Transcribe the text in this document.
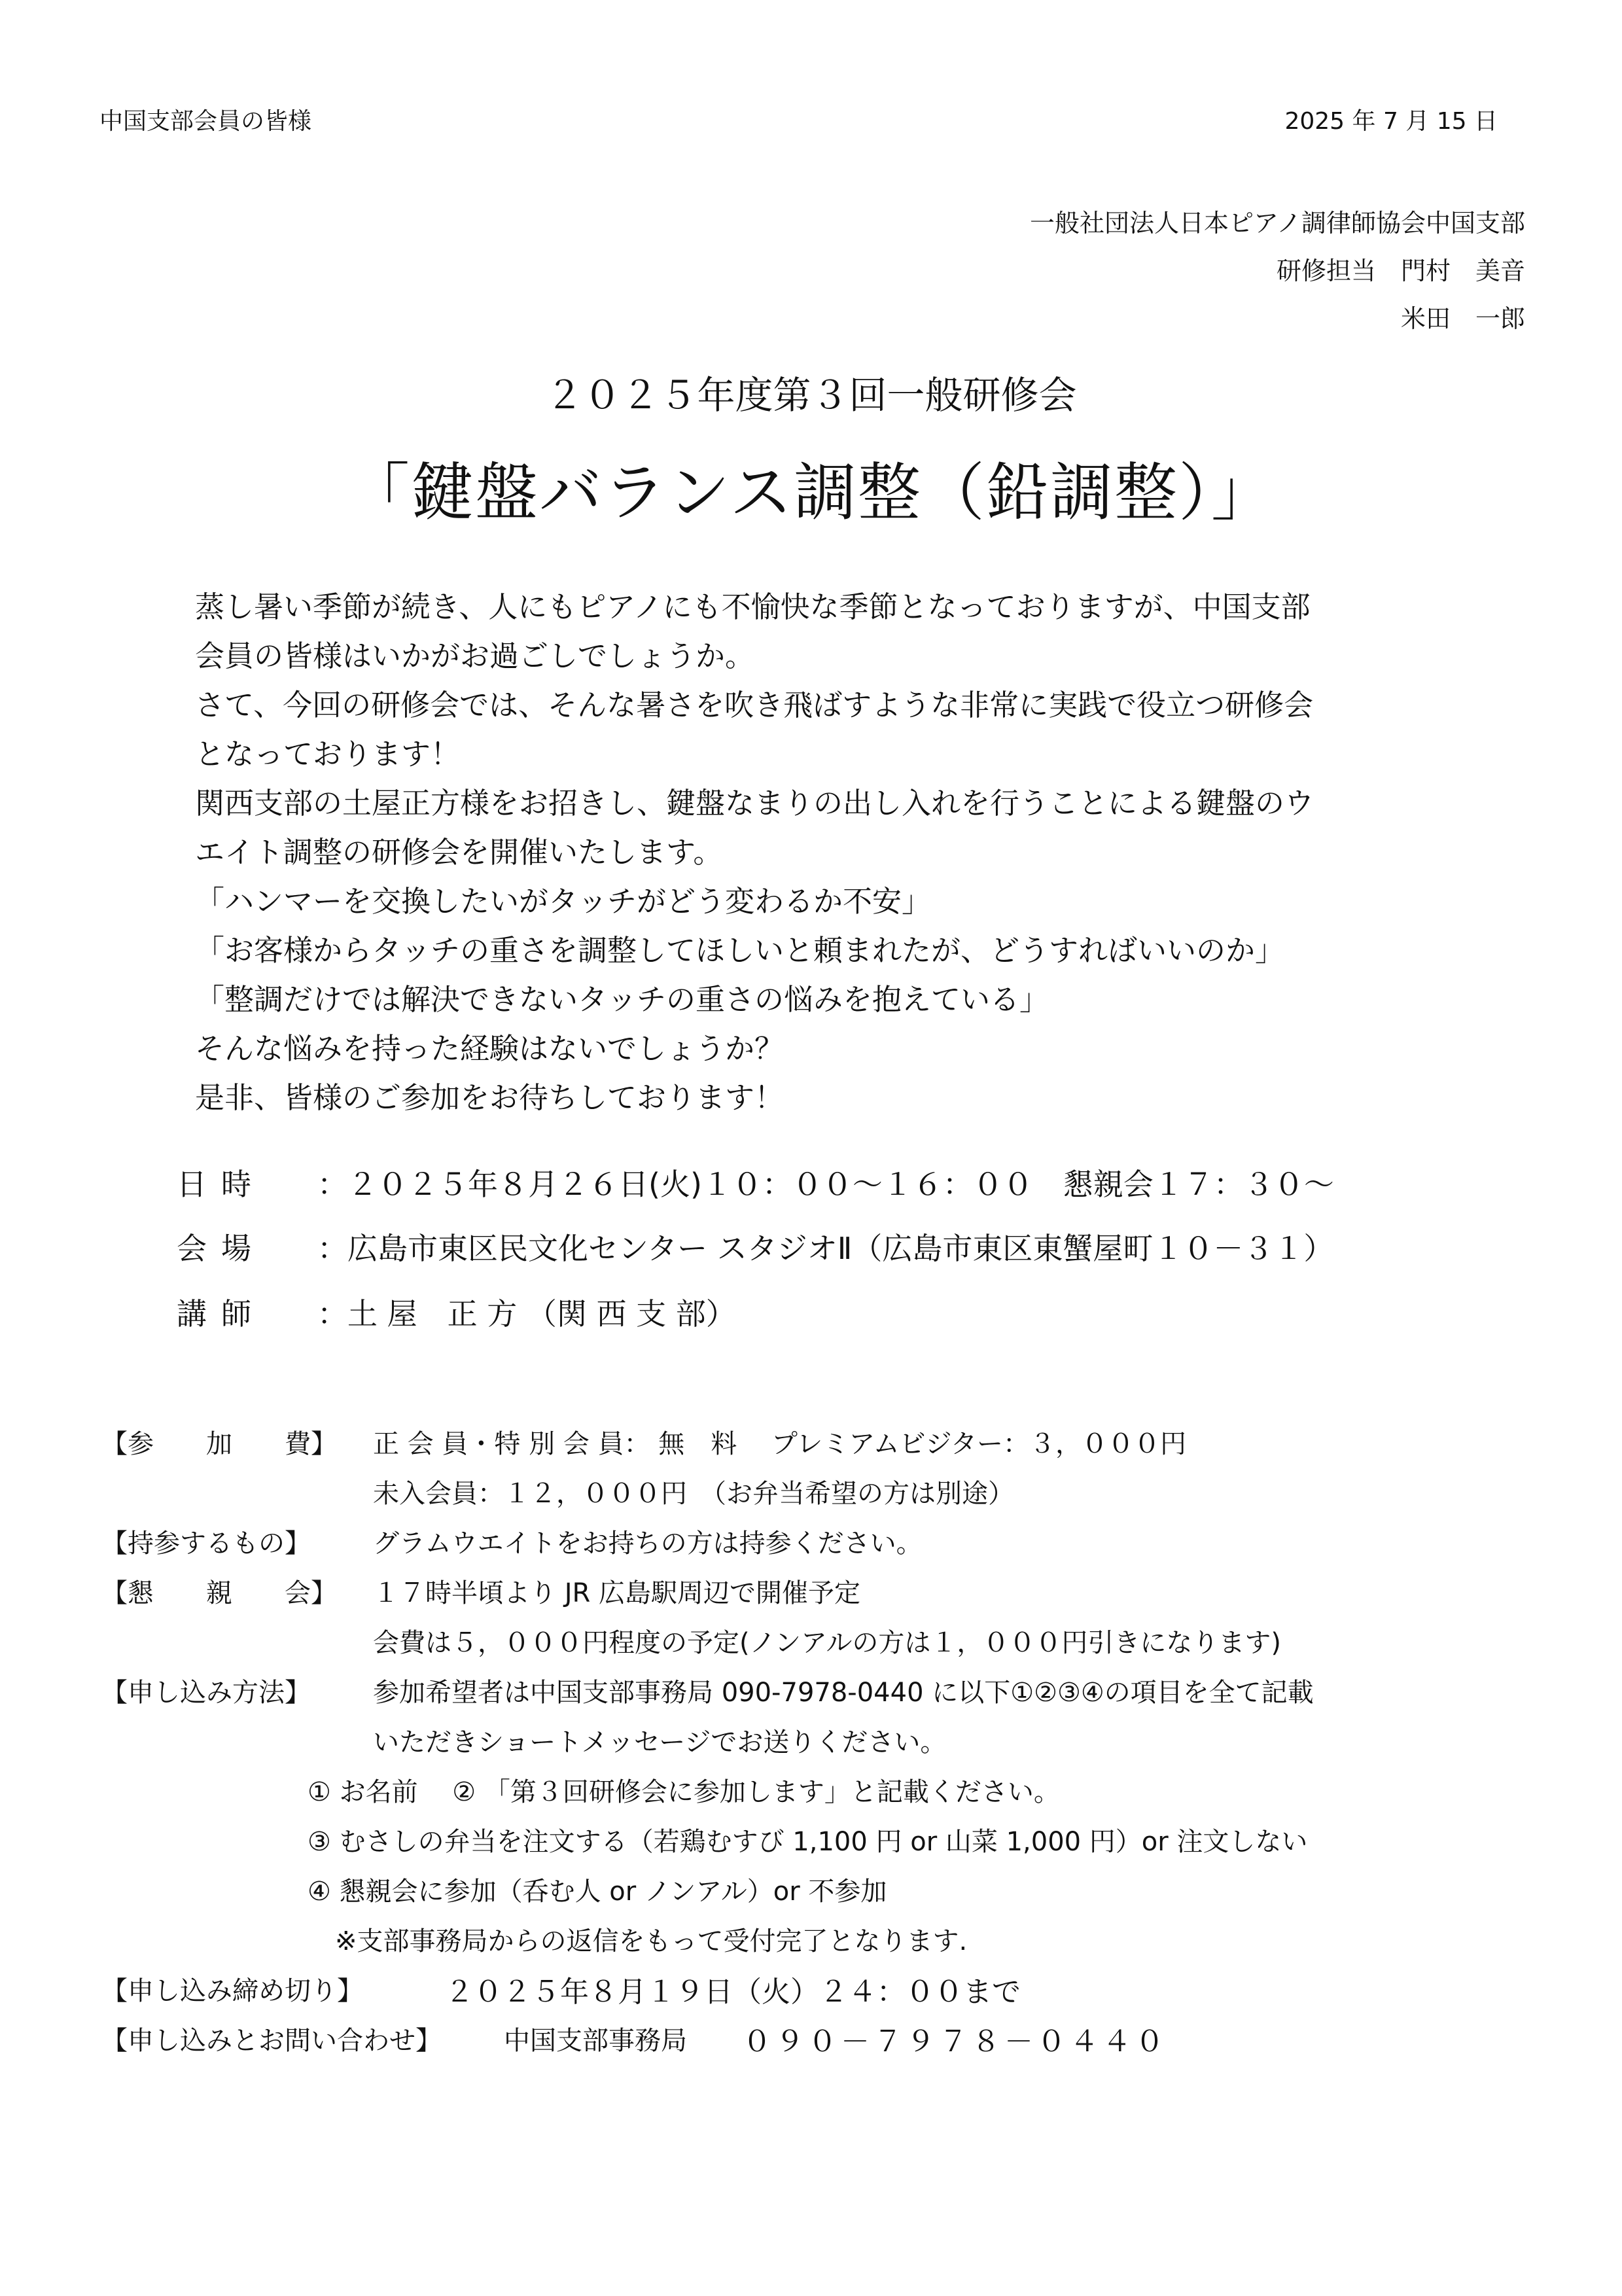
中国支部会員の皆様	2025 年 7 月 15 日
一般社団法人日本ピアノ調律師協会中国支部
研修担当　門村　美音
米田　一郎
２０２５年度第３回一般研修会
「鍵盤バランス調整（鉛調整）」
蒸し暑い季節が続き、人にもピアノにも不愉快な季節となっておりますが、中国支部
会員の皆様はいかがお過ごしでしょうか。
さて、今回の研修会では、そんな暑さを吹き飛ばすような非常に実践で役立つ研修会
となっております！
関西支部の土屋正方様をお招きし、鍵盤なまりの出し入れを行うことによる鍵盤のウ
エイト調整の研修会を開催いたします。
「ハンマーを交換したいがタッチがどう変わるか不安」
「お客様からタッチの重さを調整してほしいと頼まれたが、どうすればいいのか」
「整調だけでは解決できないタッチの重さの悩みを抱えている」
そんな悩みを持った経験はないでしょうか？
是非、皆様のご参加をお待ちしております！
日時 ：２０２５年８月２６日(火)１０：００～１６：００　懇親会１７：３０～
会場 ：広島市東区民文化センター スタジオⅡ（広島市東区東蟹屋町１０－３１）
講師 ：土 屋　正 方 （関 西 支 部）
【参　　加　　費】 正 会 員・特 別 会 員： 無　料　 プレミアムビジター：３，０００円
未入会員：１２，０００円　（お弁当希望の方は別途）
【持参するもの】 グラムウエイトをお持ちの方は持参ください。
【懇　　親　　会】 １７時半頃より JR 広島駅周辺で開催予定
会費は５，０００円程度の予定(ノンアルの方は１，０００円引きになります)
【申し込み方法】 参加希望者は中国支部事務局 090-7978-0440 に以下①②③④の項目を全て記載
いただきショートメッセージでお送りください。
① お名前　 ② 「第３回研修会に参加します」と記載ください。
③ むさしの弁当を注文する（若鶏むすび 1,100 円 or 山菜 1,000 円）or 注文しない
④ 懇親会に参加（呑む人 or ノンアル）or 不参加
※支部事務局からの返信をもって受付完了となります.
【申し込み締め切り】	２０２５年８月１９日（火）２４：００まで
【申し込みとお問い合わせ】 中国支部事務局 ０９０－７９７８－０４４０
